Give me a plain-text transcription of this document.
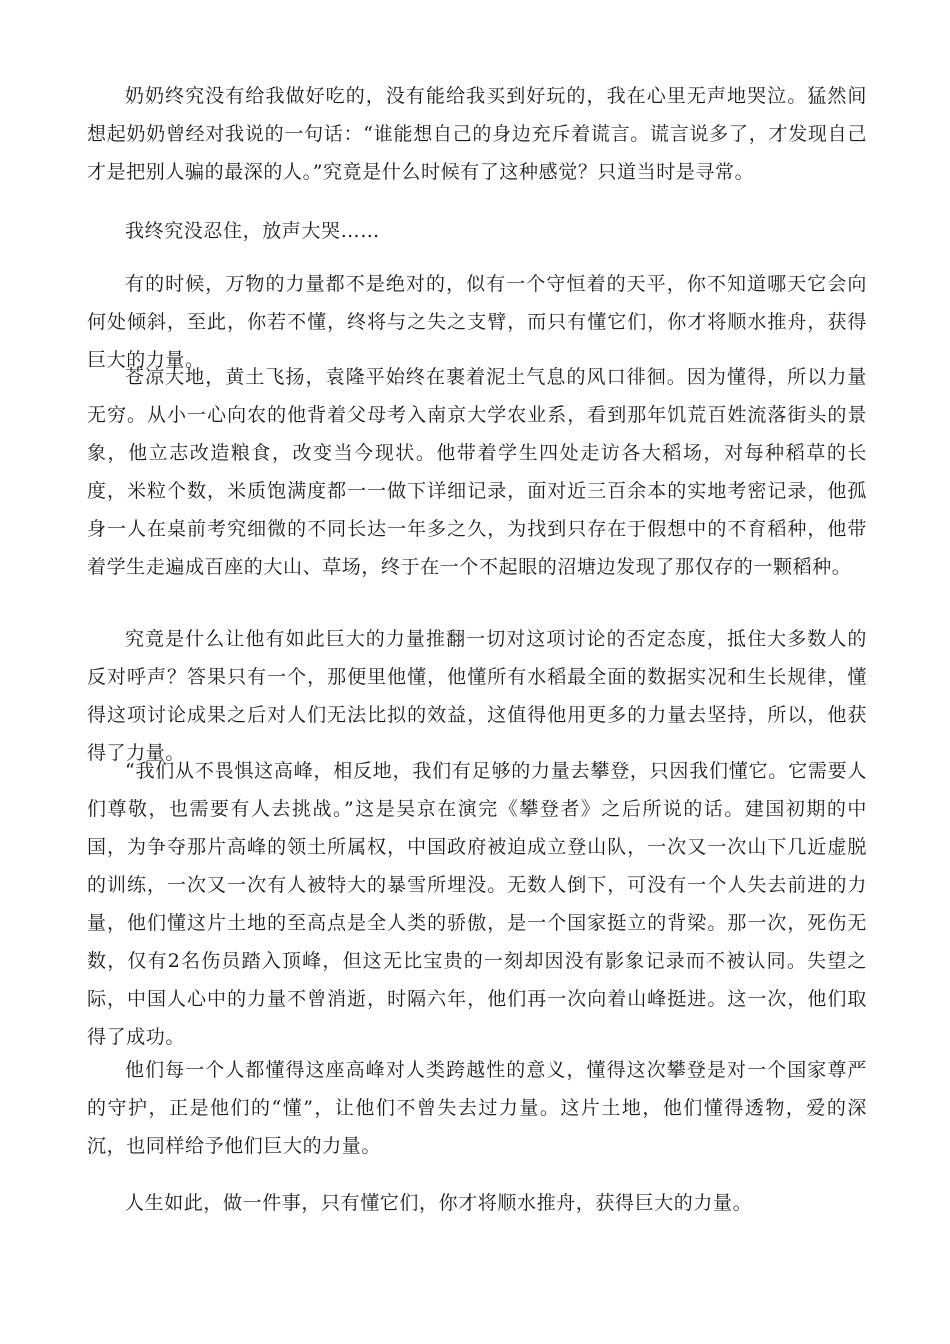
奶奶终究没有给我做好吃的，没有能给我买到好玩的，我在心里无声地哭泣。猛然间想起奶奶曾经对我说的一句话：“谁能想自己的身边充斥着谎言。谎言说多了，才发现自己才是把别人骗的最深的人。”究竟是什么时候有了这种感觉？只道当时是寻常。

我终究没忍住，放声大哭……

有的时候，万物的力量都不是绝对的，似有一个守恒着的天平，你不知道哪天它会向何处倾斜，至此，你若不懂，终将与之失之支臂，而只有懂它们，你才将顺水推舟，获得巨大的力量。

苍凉大地，黄土飞扬，袁隆平始终在裹着泥土气息的风口徘徊。因为懂得，所以力量无穷。从小一心向农的他背着父母考入南京大学农业系，看到那年饥荒百姓流落街头的景象，他立志改造粮食，改变当今现状。他带着学生四处走访各大稻场，对每种稻草的长度，米粒个数，米质饱满度都一一做下详细记录，面对近三百余本的实地考密记录，他孤身一人在桌前考究细微的不同长达一年多之久，为找到只存在于假想中的不育稻种，他带着学生走遍成百座的大山、草场，终于在一个不起眼的沼塘边发现了那仅存的一颗稻种。

究竟是什么让他有如此巨大的力量推翻一切对这项讨论的否定态度，抵住大多数人的反对呼声？答果只有一个，那便里他懂，他懂所有水稻最全面的数据实况和生长规律，懂得这项讨论成果之后对人们无法比拟的效益，这值得他用更多的力量去坚持，所以，他获得了力量。

“我们从不畏惧这高峰，相反地，我们有足够的力量去攀登，只因我们懂它。它需要人们尊敬，也需要有人去挑战。”这是吴京在演完《攀登者》之后所说的话。建国初期的中国，为争夺那片高峰的领土所属权，中国政府被迫成立登山队，一次又一次山下几近虚脱的训练，一次又一次有人被特大的暴雪所埋没。无数人倒下，可没有一个人失去前进的力量，他们懂这片土地的至高点是全人类的骄傲，是一个国家挺立的背梁。那一次，死伤无数，仅有2名伤员踏入顶峰，但这无比宝贵的一刻却因没有影象记录而不被认同。失望之际，中国人心中的力量不曾消逝，时隔六年，他们再一次向着山峰挺进。这一次，他们取得了成功。

他们每一个人都懂得这座高峰对人类跨越性的意义，懂得这次攀登是对一个国家尊严的守护，正是他们的“懂”，让他们不曾失去过力量。这片土地，他们懂得透物，爱的深沉，也同样给予他们巨大的力量。

人生如此，做一件事，只有懂它们，你才将顺水推舟，获得巨大的力量。
